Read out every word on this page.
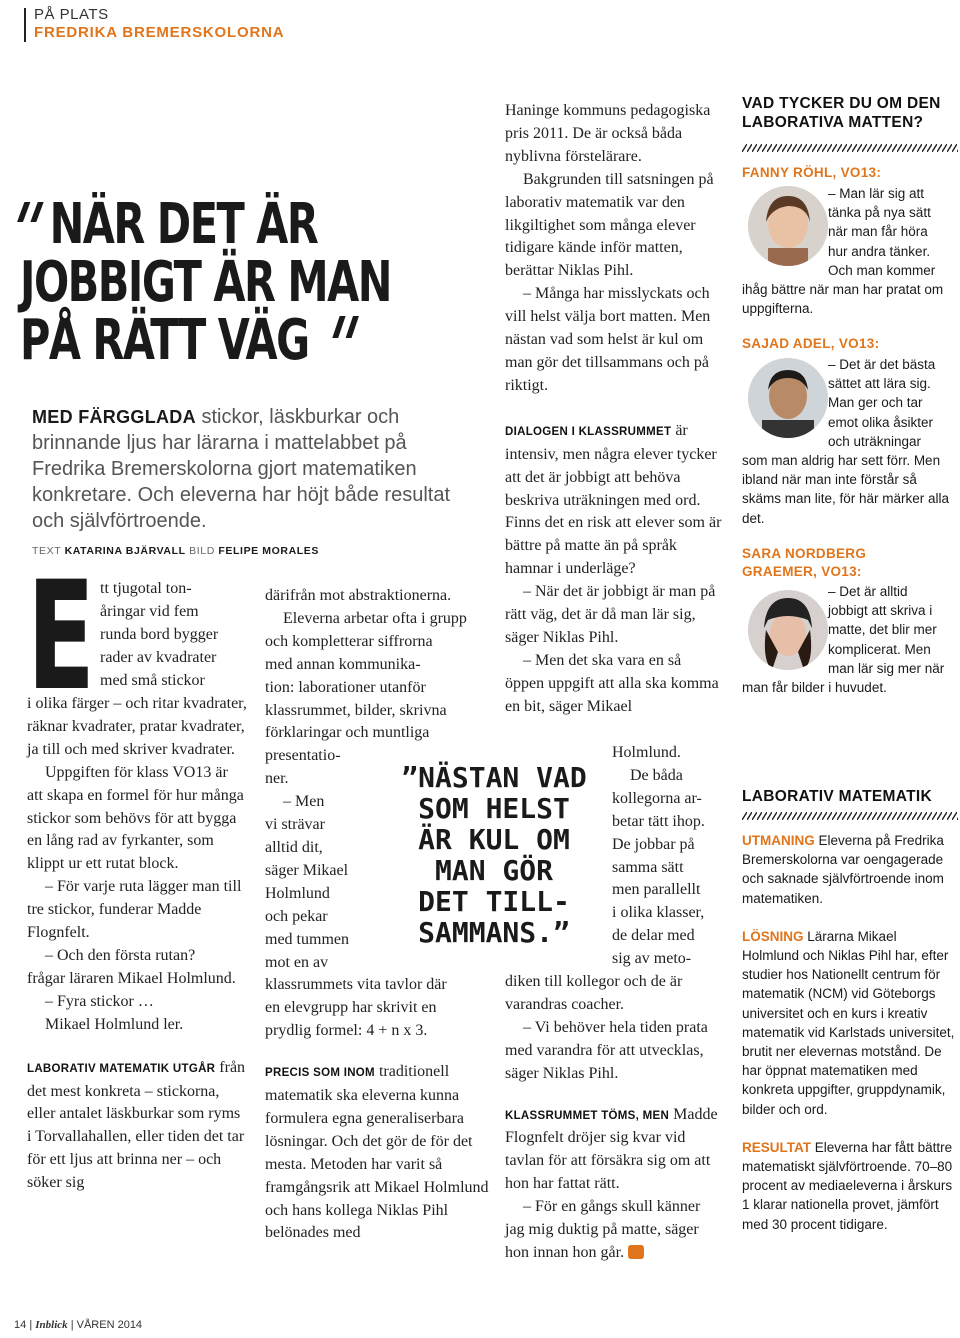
PÅ PLATS
FREDRIKA BREMERSKOLORNA
NÄR DET ÄR
JOBBIGT ÄR MAN
PÅ RÄTT VÄG
MED FÄRGGLADA stickor, läskburkar och brinnande ljus har lärarna i mattelabbet på Fredrika Bremerskolorna gjort matematiken konkretare. Och eleverna har höjt både resultat och självförtroende.
TEXT KATARINA BJÄRVALL BILD FELIPE MORALES
E tt tjugotal ton-
åringar vid fem
runda bord bygger
rader av kvadrater
med små stickor

i olika färger – och ritar kvadrater, räknar kvadrater, pratar kvadrater, ja till och med skriver kvadrater.

Uppgiften för klass VO13 är att skapa en formel för hur många stickor som behövs för att bygga en lång rad av fyrkanter, som klippt ur ett rutat block.

– För varje ruta lägger man till tre stickor, funderar Madde Flognfelt.

– Och den första rutan?

frågar läraren Mikael Holmlund.

– Fyra stickor …

Mikael Holmlund ler.

LABORATIV MATEMATIK UTGÅR från det mest konkreta – stickorna, eller antalet läskburkar som ryms i Torvallahallen, eller tiden det tar för ett ljus att brinna ner – och söker sig

därifrån mot abstraktionerna.
Eleverna arbetar ofta i grupp
och kompletterar siffrorna
med annan kommunika-
tion: laborationer utanför
klassrummet, bilder, skrivna
förklaringar och muntliga
presentatio-
ner.
– Men
vi strävar
alltid dit,
säger Mikael
Holmlund
och pekar
med tummen
mot en av
klassrummets vita tavlor där
en elevgrupp har skrivit en
prydlig formel: 4 + n x 3.

PRECIS SOM INOM traditionell matematik ska eleverna kunna formulera egna generaliserbara lösningar. Och det gör de för det mesta. Metoden har varit så framgångsrik att Mikael Holmlund och hans kollega Niklas Pihl belönades med

”NÄSTAN VAD
SOM HELST
ÄR KUL OM
MAN GÖR
DET TILL-
SAMMANS.”

Haninge kommuns pedagogiska pris 2011. De är också båda nyblivna förstelärare.

Bakgrunden till satsningen på laborativ matematik var den likgiltighet som många elever tidigare kände inför matten, berättar Niklas Pihl.

– Många har misslyckats och vill helst välja bort matten. Men nästan vad som helst är kul om man gör det tillsammans och på riktigt.

DIALOGEN I KLASSRUMMET är intensiv, men några elever tycker att det är jobbigt att behöva beskriva uträkningen med ord. Finns det en risk att elever som är bättre på matte än på språk hamnar i underläge?

– När det är jobbigt är man på rätt väg, det är då man lär sig, säger Niklas Pihl.

– Men det ska vara en så öppen uppgift att alla ska komma en bit, säger Mikael

Holmlund.
De båda
kollegorna ar-
betar tätt ihop.
De jobbar på
samma sätt
men parallellt
i olika klasser,
de delar med
sig av meto-

diken till kollegor och de är varandras coacher.

– Vi behöver hela tiden prata med varandra för att utvecklas, säger Niklas Pihl.

KLASSRUMMET TÖMS, MEN Madde Flognfelt dröjer sig kvar vid tavlan för att försäkra sig om att hon har fattat rätt.

– För en gångs skull känner jag mig duktig på matte, säger hon innan hon går.

VAD TYCKER DU OM DEN
LABORATIVA MATTEN?
FANNY RÖHL, VO13:
– Man lär sig att
tänka på nya sätt
när man får höra
hur andra tänker.
Och man kommer
ihåg bättre när man har pratat om uppgifterna.
SAJAD ADEL, VO13:
– Det är det bästa
sättet att lära sig.
Man ger och tar
emot olika åsikter
och uträkningar
som man aldrig har sett förr. Men ibland när man inte förstår så skäms man lite, för här märker alla det.
SARA NORDBERG
GRAEMER, VO13:
– Det är alltid
jobbigt att skriva i
matte, det blir mer
komplicerat. Men
man lär sig mer när
man får bilder i huvudet.
LABORATIV MATEMATIK
UTMANING Eleverna på Fredrika Bremerskolorna var oengagerade och saknade självförtroende inom matematiken.
LÖSNING Lärarna Mikael Holmlund och Niklas Pihl har, efter studier hos Nationellt centrum för matematik (NCM) vid Göteborgs universitet och en kurs i kreativ matematik vid Karlstads universitet, brutit ner elevernas motstånd. De har öppnat matematiken med konkreta uppgifter, gruppdynamik, bilder och ord.
RESULTAT Eleverna har fått bättre matematiskt självförtroende. 70–80 procent av mediaeleverna i årskurs 1 klarar nationella provet, jämfört med 30 procent tidigare.
14 | Inblick | VÅREN 2014
